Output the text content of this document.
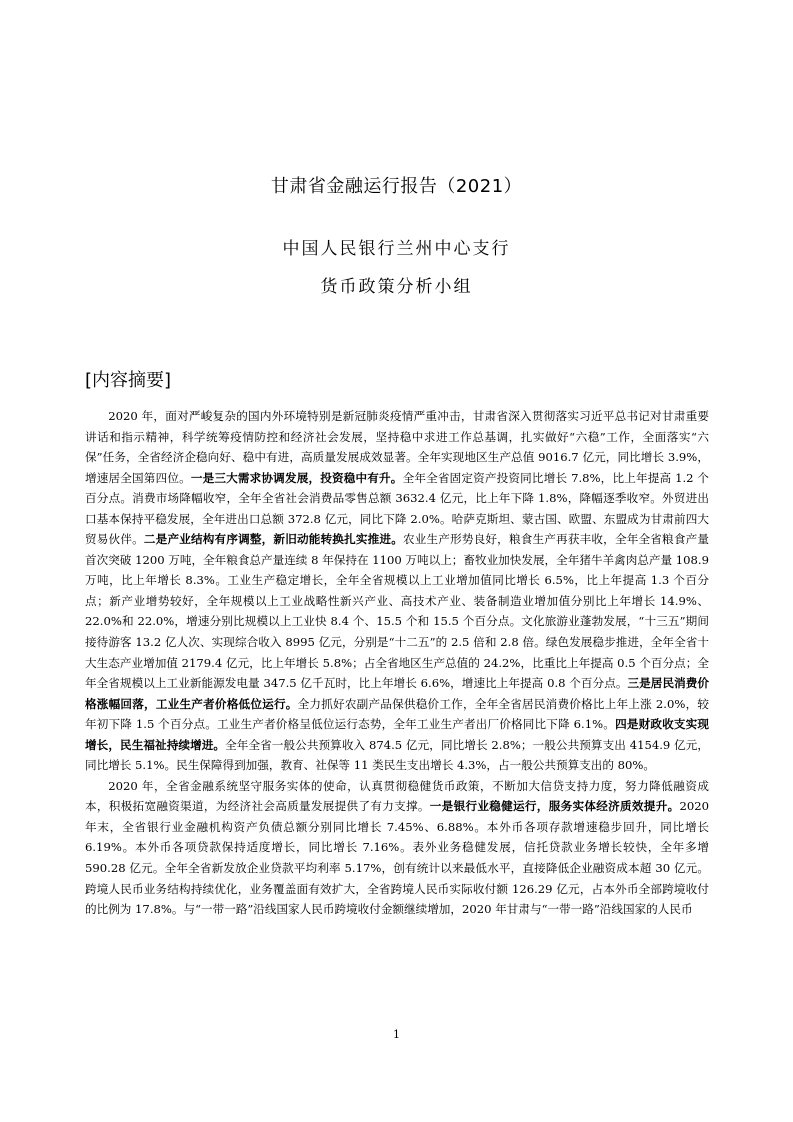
甘肃省金融运行报告（2021）
中国人民银行兰州中心支行
货币政策分析小组
[内容摘要]

2020 年，面对严峻复杂的国内外环境特别是新冠肺炎疫情严重冲击，甘肃省深入贯彻落实习近平总书记对甘肃重要讲话和指示精神，科学统筹疫情防控和经济社会发展，坚持稳中求进工作总基调，扎实做好“六稳”工作，全面落实“六保”任务，全省经济企稳向好、稳中有进，高质量发展成效显著。全年实现地区生产总值 9016.7 亿元，同比增长 3.9%，增速居全国第四位。一是三大需求协调发展，投资稳中有升。全年全省固定资产投资同比增长 7.8%，比上年提高 1.2 个百分点。消费市场降幅收窄，全年全省社会消费品零售总额 3632.4 亿元，比上年下降 1.8%，降幅逐季收窄。外贸进出口基本保持平稳发展，全年进出口总额 372.8 亿元，同比下降 2.0%。哈萨克斯坦、蒙古国、欧盟、东盟成为甘肃前四大贸易伙伴。二是产业结构有序调整，新旧动能转换扎实推进。农业生产形势良好，粮食生产再获丰收，全年全省粮食产量首次突破 1200 万吨，全年粮食总产量连续 8 年保持在 1100 万吨以上；畜牧业加快发展，全年猪牛羊禽肉总产量 108.9 万吨，比上年增长 8.3%。工业生产稳定增长，全年全省规模以上工业增加值同比增长 6.5%，比上年提高 1.3 个百分点；新产业增势较好，全年规模以上工业战略性新兴产业、高技术产业、装备制造业增加值分别比上年增长 14.9%、22.0%和 22.0%，增速分别比规模以上工业快 8.4 个、15.5 个和 15.5 个百分点。文化旅游业蓬勃发展，“十三五”期间接待游客 13.2 亿人次、实现综合收入 8995 亿元，分别是“十二五”的 2.5 倍和 2.8 倍。绿色发展稳步推进，全年全省十大生态产业增加值 2179.4 亿元，比上年增长 5.8%；占全省地区生产总值的 24.2%，比重比上年提高 0.5 个百分点；全年全省规模以上工业新能源发电量 347.5 亿千瓦时，比上年增长 6.6%，增速比上年提高 0.8 个百分点。三是居民消费价格涨幅回落，工业生产者价格低位运行。全力抓好农副产品保供稳价工作，全年全省居民消费价格比上年上涨 2.0%，较年初下降 1.5 个百分点。工业生产者价格呈低位运行态势，全年工业生产者出厂价格同比下降 6.1%。四是财政收支实现增长，民生福祉持续增进。全年全省一般公共预算收入 874.5 亿元，同比增长 2.8%；一般公共预算支出 4154.9 亿元，同比增长 5.1%。民生保障得到加强，教育、社保等 11 类民生支出增长 4.3%，占一般公共预算支出的 80%。

2020 年，全省金融系统坚守服务实体的使命，认真贯彻稳健货币政策，不断加大信贷支持力度，努力降低融资成本，积极拓宽融资渠道，为经济社会高质量发展提供了有力支撑。一是银行业稳健运行，服务实体经济质效提升。2020 年末，全省银行业金融机构资产负债总额分别同比增长 7.45%、6.88%。本外币各项存款增速稳步回升，同比增长 6.19%。本外币各项贷款保持适度增长，同比增长 7.16%。表外业务稳健发展，信托贷款业务增长较快，全年多增 590.28 亿元。全年全省新发放企业贷款平均利率 5.17%，创有统计以来最低水平，直接降低企业融资成本超 30 亿元。跨境人民币业务结构持续优化，业务覆盖面有效扩大，全省跨境人民币实际收付额 126.29 亿元，占本外币全部跨境收付的比例为 17.8%。与“一带一路”沿线国家人民币跨境收付金额继续增加，2020 年甘肃与“一带一路”沿线国家的人民币

1
